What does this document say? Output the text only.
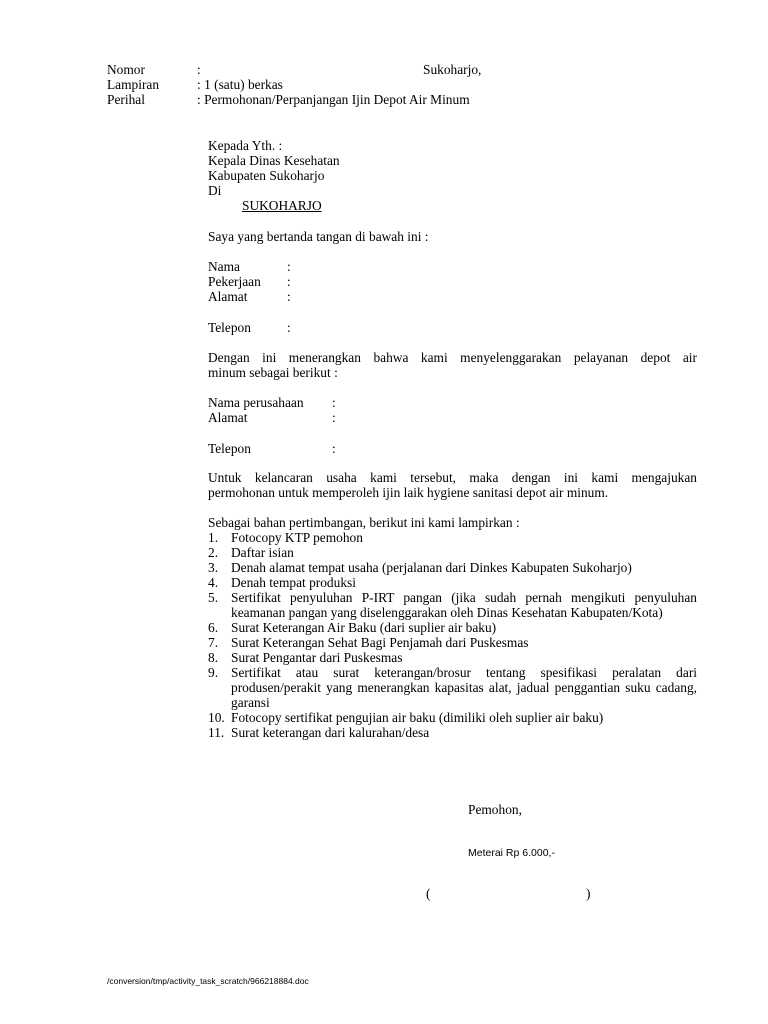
Nomor	:	Sukoharjo,
Lampiran	: 1 (satu) berkas
Perihal	: Permohonan/Perpanjangan Ijin Depot Air Minum
Kepada Yth. :
Kepala Dinas Kesehatan
Kabupaten Sukoharjo
Di
SUKOHARJO
Saya yang bertanda tangan di bawah ini :
Nama	:
Pekerjaan :
Alamat	:
Telepon	:
Dengan ini menerangkan bahwa kami menyelenggarakan pelayanan depot air
minum sebagai berikut :
Nama perusahaan :
Alamat	:
Telepon	:
Untuk kelancaran usaha kami tersebut, maka dengan ini kami mengajukan
permohonan untuk memperoleh ijin laik hygiene sanitasi depot air minum.
Sebagai bahan pertimbangan, berikut ini kami lampirkan :
1. Fotocopy KTP pemohon
2. Daftar isian
3. Denah alamat tempat usaha (perjalanan dari Dinkes Kabupaten Sukoharjo)
4. Denah tempat produksi
5. Sertifikat penyuluhan P-IRT pangan (jika sudah pernah mengikuti penyuluhan keamanan pangan yang diselenggarakan oleh Dinas Kesehatan Kabupaten/Kota)
6. Surat Keterangan Air Baku (dari suplier air baku)
7. Surat Keterangan Sehat Bagi Penjamah dari Puskesmas
8. Surat Pengantar dari Puskesmas
9. Sertifikat atau surat keterangan/brosur tentang spesifikasi peralatan dari produsen/perakit yang menerangkan kapasitas alat, jadual penggantian suku cadang, garansi
10. Fotocopy sertifikat pengujian air baku (dimiliki oleh suplier air baku)
11. Surat keterangan dari kalurahan/desa
Pemohon,
Meterai Rp 6.000,-
(	)
/conversion/tmp/activity_task_scratch/966218884.doc
